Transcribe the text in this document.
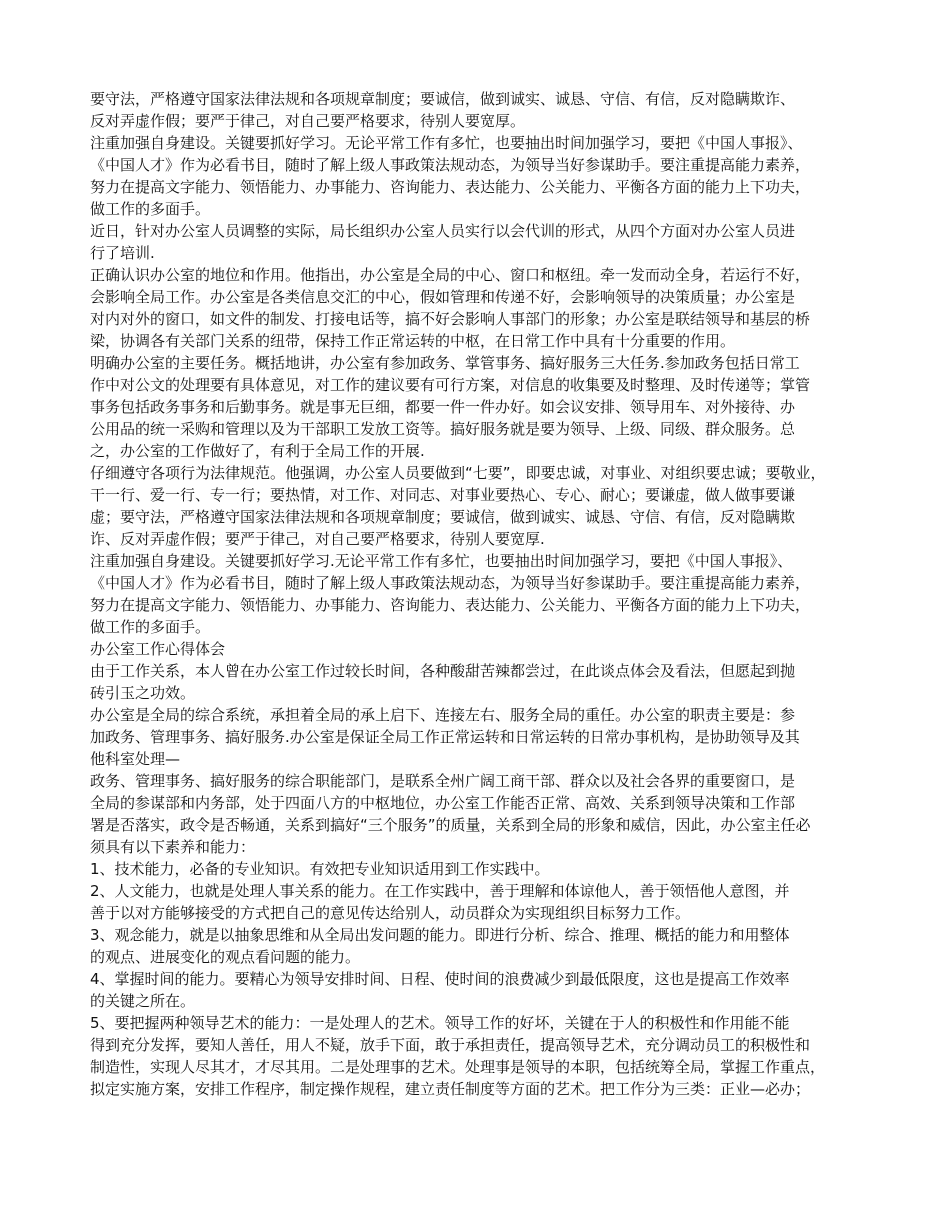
要守法，严格遵守国家法律法规和各项规章制度；要诚信，做到诚实、诚恳、守信、有信，反对隐瞒欺诈、
反对弄虚作假；要严于律己，对自己要严格要求，待别人要宽厚。
注重加强自身建设。关键要抓好学习。无论平常工作有多忙，也要抽出时间加强学习，要把《中国人事报》、
《中国人才》作为必看书目，随时了解上级人事政策法规动态，为领导当好参谋助手。要注重提高能力素养，
努力在提高文字能力、领悟能力、办事能力、咨询能力、表达能力、公关能力、平衡各方面的能力上下功夫，
做工作的多面手。
近日，针对办公室人员调整的实际，局长组织办公室人员实行以会代训的形式，从四个方面对办公室人员进
行了培训.
正确认识办公室的地位和作用。他指出，办公室是全局的中心、窗口和枢纽。牵一发而动全身，若运行不好，
会影响全局工作。办公室是各类信息交汇的中心，假如管理和传递不好，会影响领导的决策质量；办公室是
对内对外的窗口，如文件的制发、打接电话等，搞不好会影响人事部门的形象；办公室是联结领导和基层的桥
梁，协调各有关部门关系的纽带，保持工作正常运转的中枢，在日常工作中具有十分重要的作用。
明确办公室的主要任务。概括地讲，办公室有参加政务、掌管事务、搞好服务三大任务.参加政务包括日常工
作中对公文的处理要有具体意见，对工作的建议要有可行方案，对信息的收集要及时整理、及时传递等；掌管
事务包括政务事务和后勤事务。就是事无巨细，都要一件一件办好。如会议安排、领导用车、对外接待、办
公用品的统一采购和管理以及为干部职工发放工资等。搞好服务就是要为领导、上级、同级、群众服务。总
之，办公室的工作做好了，有利于全局工作的开展.
仔细遵守各项行为法律规范。他强调，办公室人员要做到“七要”，即要忠诚，对事业、对组织要忠诚；要敬业，
干一行、爱一行、专一行；要热情，对工作、对同志、对事业要热心、专心、耐心；要谦虚，做人做事要谦
虚；要守法，严格遵守国家法律法规和各项规章制度；要诚信，做到诚实、诚恳、守信、有信，反对隐瞒欺
诈、反对弄虚作假；要严于律己，对自己要严格要求，待别人要宽厚.
注重加强自身建设。关键要抓好学习.无论平常工作有多忙，也要抽出时间加强学习，要把《中国人事报》、
《中国人才》作为必看书目，随时了解上级人事政策法规动态，为领导当好参谋助手。要注重提高能力素养，
努力在提高文字能力、领悟能力、办事能力、咨询能力、表达能力、公关能力、平衡各方面的能力上下功夫，
做工作的多面手。
办公室工作心得体会
由于工作关系，本人曾在办公室工作过较长时间，各种酸甜苦辣都尝过，在此谈点体会及看法，但愿起到抛
砖引玉之功效。
办公室是全局的综合系统，承担着全局的承上启下、连接左右、服务全局的重任。办公室的职责主要是：参
加政务、管理事务、搞好服务.办公室是保证全局工作正常运转和日常运转的日常办事机构，是协助领导及其
他科室处理—
政务、管理事务、搞好服务的综合职能部门，是联系全州广阔工商干部、群众以及社会各界的重要窗口，是
全局的参谋部和内务部，处于四面八方的中枢地位，办公室工作能否正常、高效、关系到领导决策和工作部
署是否落实，政令是否畅通，关系到搞好“三个服务”的质量，关系到全局的形象和威信，因此，办公室主任必
须具有以下素养和能力：
1、技术能力，必备的专业知识。有效把专业知识适用到工作实践中。
2、人文能力，也就是处理人事关系的能力。在工作实践中，善于理解和体谅他人，善于领悟他人意图，并
善于以对方能够接受的方式把自己的意见传达给别人，动员群众为实现组织目标努力工作。
3、观念能力，就是以抽象思维和从全局出发问题的能力。即进行分析、综合、推理、概括的能力和用整体
的观点、进展变化的观点看问题的能力。
4、掌握时间的能力。要精心为领导安排时间、日程、使时间的浪费减少到最低限度，这也是提高工作效率
的关键之所在。
5、要把握两种领导艺术的能力：一是处理人的艺术。领导工作的好坏，关键在于人的积极性和作用能不能
得到充分发挥，要知人善任，用人不疑，放手下面，敢于承担责任，提高领导艺术，充分调动员工的积极性和
制造性，实现人尽其才，才尽其用。二是处理事的艺术。处理事是领导的本职，包括统筹全局，掌握工作重点，
拟定实施方案，安排工作程序，制定操作规程，建立责任制度等方面的艺术。把工作分为三类：正业—必办；
